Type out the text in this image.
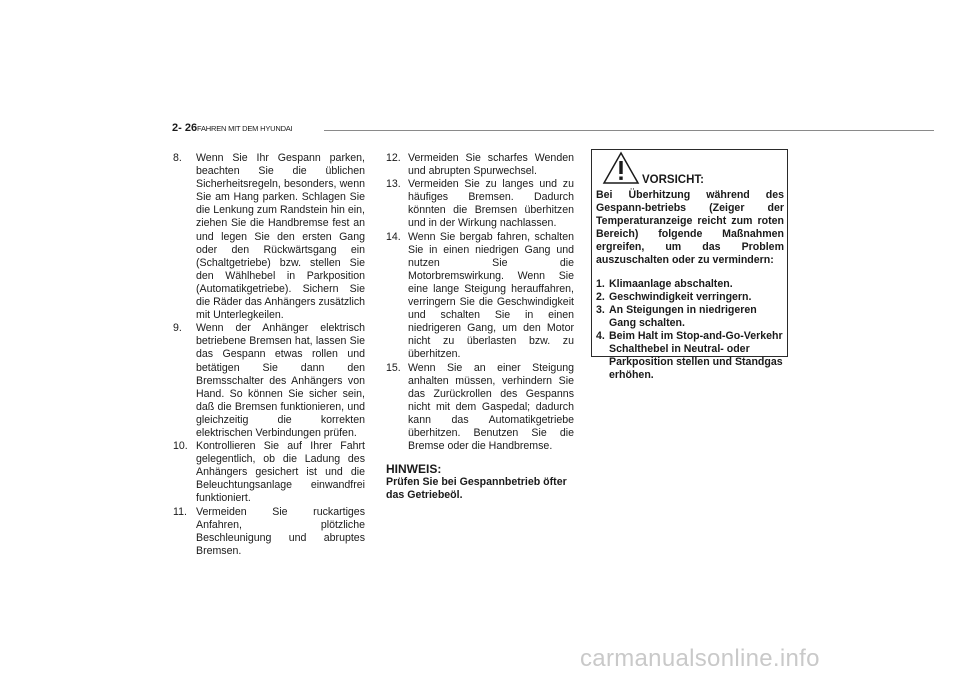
2- 26 FAHREN MIT DEM HYUNDAI
8. Wenn Sie Ihr Gespann parken, beachten Sie die üblichen Sicherheitsregeln, besonders, wenn Sie am Hang parken. Schlagen Sie die Lenkung zum Randstein hin ein, ziehen Sie die Handbremse fest an und legen Sie den ersten Gang oder den Rückwärtsgang ein (Schaltgetriebe) bzw. stellen Sie den Wählhebel in Parkposition (Automatikgetriebe). Sichern Sie die Räder das Anhängers zusätzlich mit Unterlegkeilen.
9. Wenn der Anhänger elektrisch betriebene Bremsen hat, lassen Sie das Gespann etwas rollen und betätigen Sie dann den Bremsschalter des Anhängers von Hand. So können Sie sicher sein, daß die Bremsen funktionieren, und gleichzeitig die korrekten elektrischen Verbindungen prüfen.
10. Kontrollieren Sie auf Ihrer Fahrt gelegentlich, ob die Ladung des Anhängers gesichert ist und die Beleuchtungsanlage einwandfrei funktioniert.
11. Vermeiden Sie ruckartiges Anfahren, plötzliche Beschleunigung und abruptes Bremsen.
12. Vermeiden Sie scharfes Wenden und abrupten Spurwechsel.
13. Vermeiden Sie zu langes und zu häufiges Bremsen. Dadurch könnten die Bremsen überhitzen und in der Wirkung nachlassen.
14. Wenn Sie bergab fahren, schalten Sie in einen niedrigen Gang und nutzen Sie die Motorbremswirkung. Wenn Sie eine lange Steigung herauffahren, verringern Sie die Geschwindigkeit und schalten Sie in einen niedrigeren Gang, um den Motor nicht zu überlasten bzw. zu überhitzen.
15. Wenn Sie an einer Steigung anhalten müssen, verhindern Sie das Zurückrollen des Gespanns nicht mit dem Gaspedal; dadurch kann das Automatikgetriebe überhitzen. Benutzen Sie die Bremse oder die Handbremse.
HINWEIS:
Prüfen Sie bei Gespannbetrieb öfter das Getriebeöl.
VORSICHT:
Bei Überhitzung während des Gespann-betriebs (Zeiger der Temperaturanzeige reicht zum roten Bereich) folgende Maßnahmen ergreifen, um das Problem auszuschalten oder zu vermindern:
1. Klimaanlage abschalten.
2. Geschwindigkeit verringern.
3. An Steigungen in niedrigeren Gang schalten.
4. Beim Halt im Stop-and-Go-Verkehr Schalthebel in Neutral- oder Parkposition stellen und Standgas erhöhen.
carmanualsonline.info
